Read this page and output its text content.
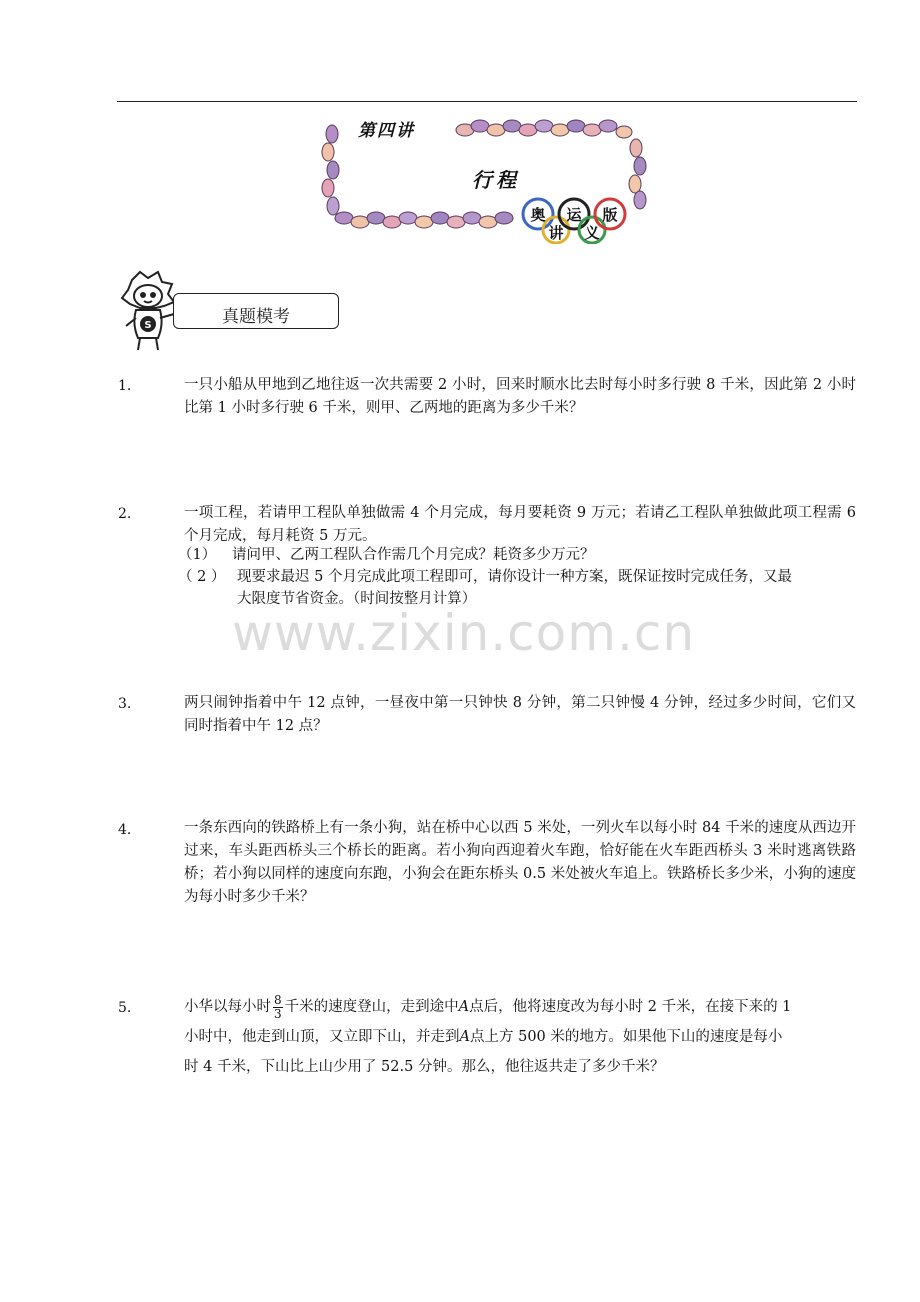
第四讲
行程
奥
讲
运
义
版
S	真题模考
www.zixin.com.cn
1.	一只小船从甲地到乙地往返一次共需要 2 小时，回来时顺水比去时每小时多行驶 8 千米，因此第 2 小时比第 1 小时多行驶 6 千米，则甲、乙两地的距离为多少千米？
2.	一项工程，若请甲工程队单独做需 4 个月完成，每月要耗资 9 万元；若请乙工程队单独做此项工程需 6 个月完成，每月耗资 5 万元。
（1） 请问甲、乙两工程队合作需几个月完成？耗资多少万元？
（ 2 ） 现要求最迟 5 个月完成此项工程即可，请你设计一种方案，既保证按时完成任务，又最
大限度节省资金。（时间按整月计算）
3.	两只闹钟指着中午 12 点钟，一昼夜中第一只钟快 8 分钟，第二只钟慢 4 分钟，经过多少时间，它们又同时指着中午 12 点？
4.	一条东西向的铁路桥上有一条小狗，站在桥中心以西 5 米处，一列火车以每小时 84 千米的速度从西边开过来，车头距西桥头三个桥长的距离。若小狗向西迎着火车跑，恰好能在火车距西桥头 3 米时逃离铁路桥；若小狗以同样的速度向东跑，小狗会在距东桥头 0.5 米处被火车追上。铁路桥长多少米，小狗的速度为每小时多少千米？
5.	小华以每小时 $\frac{8}{3}$ 千米的速度登山，走到途中A点后，他将速度改为每小时 2 千米，在接下来的 1
小时中，他走到山顶，又立即下山，并走到A点上方 500 米的地方。如果他下山的速度是每小
时 4 千米，下山比上山少用了 52.5 分钟。那么，他往返共走了多少千米？
